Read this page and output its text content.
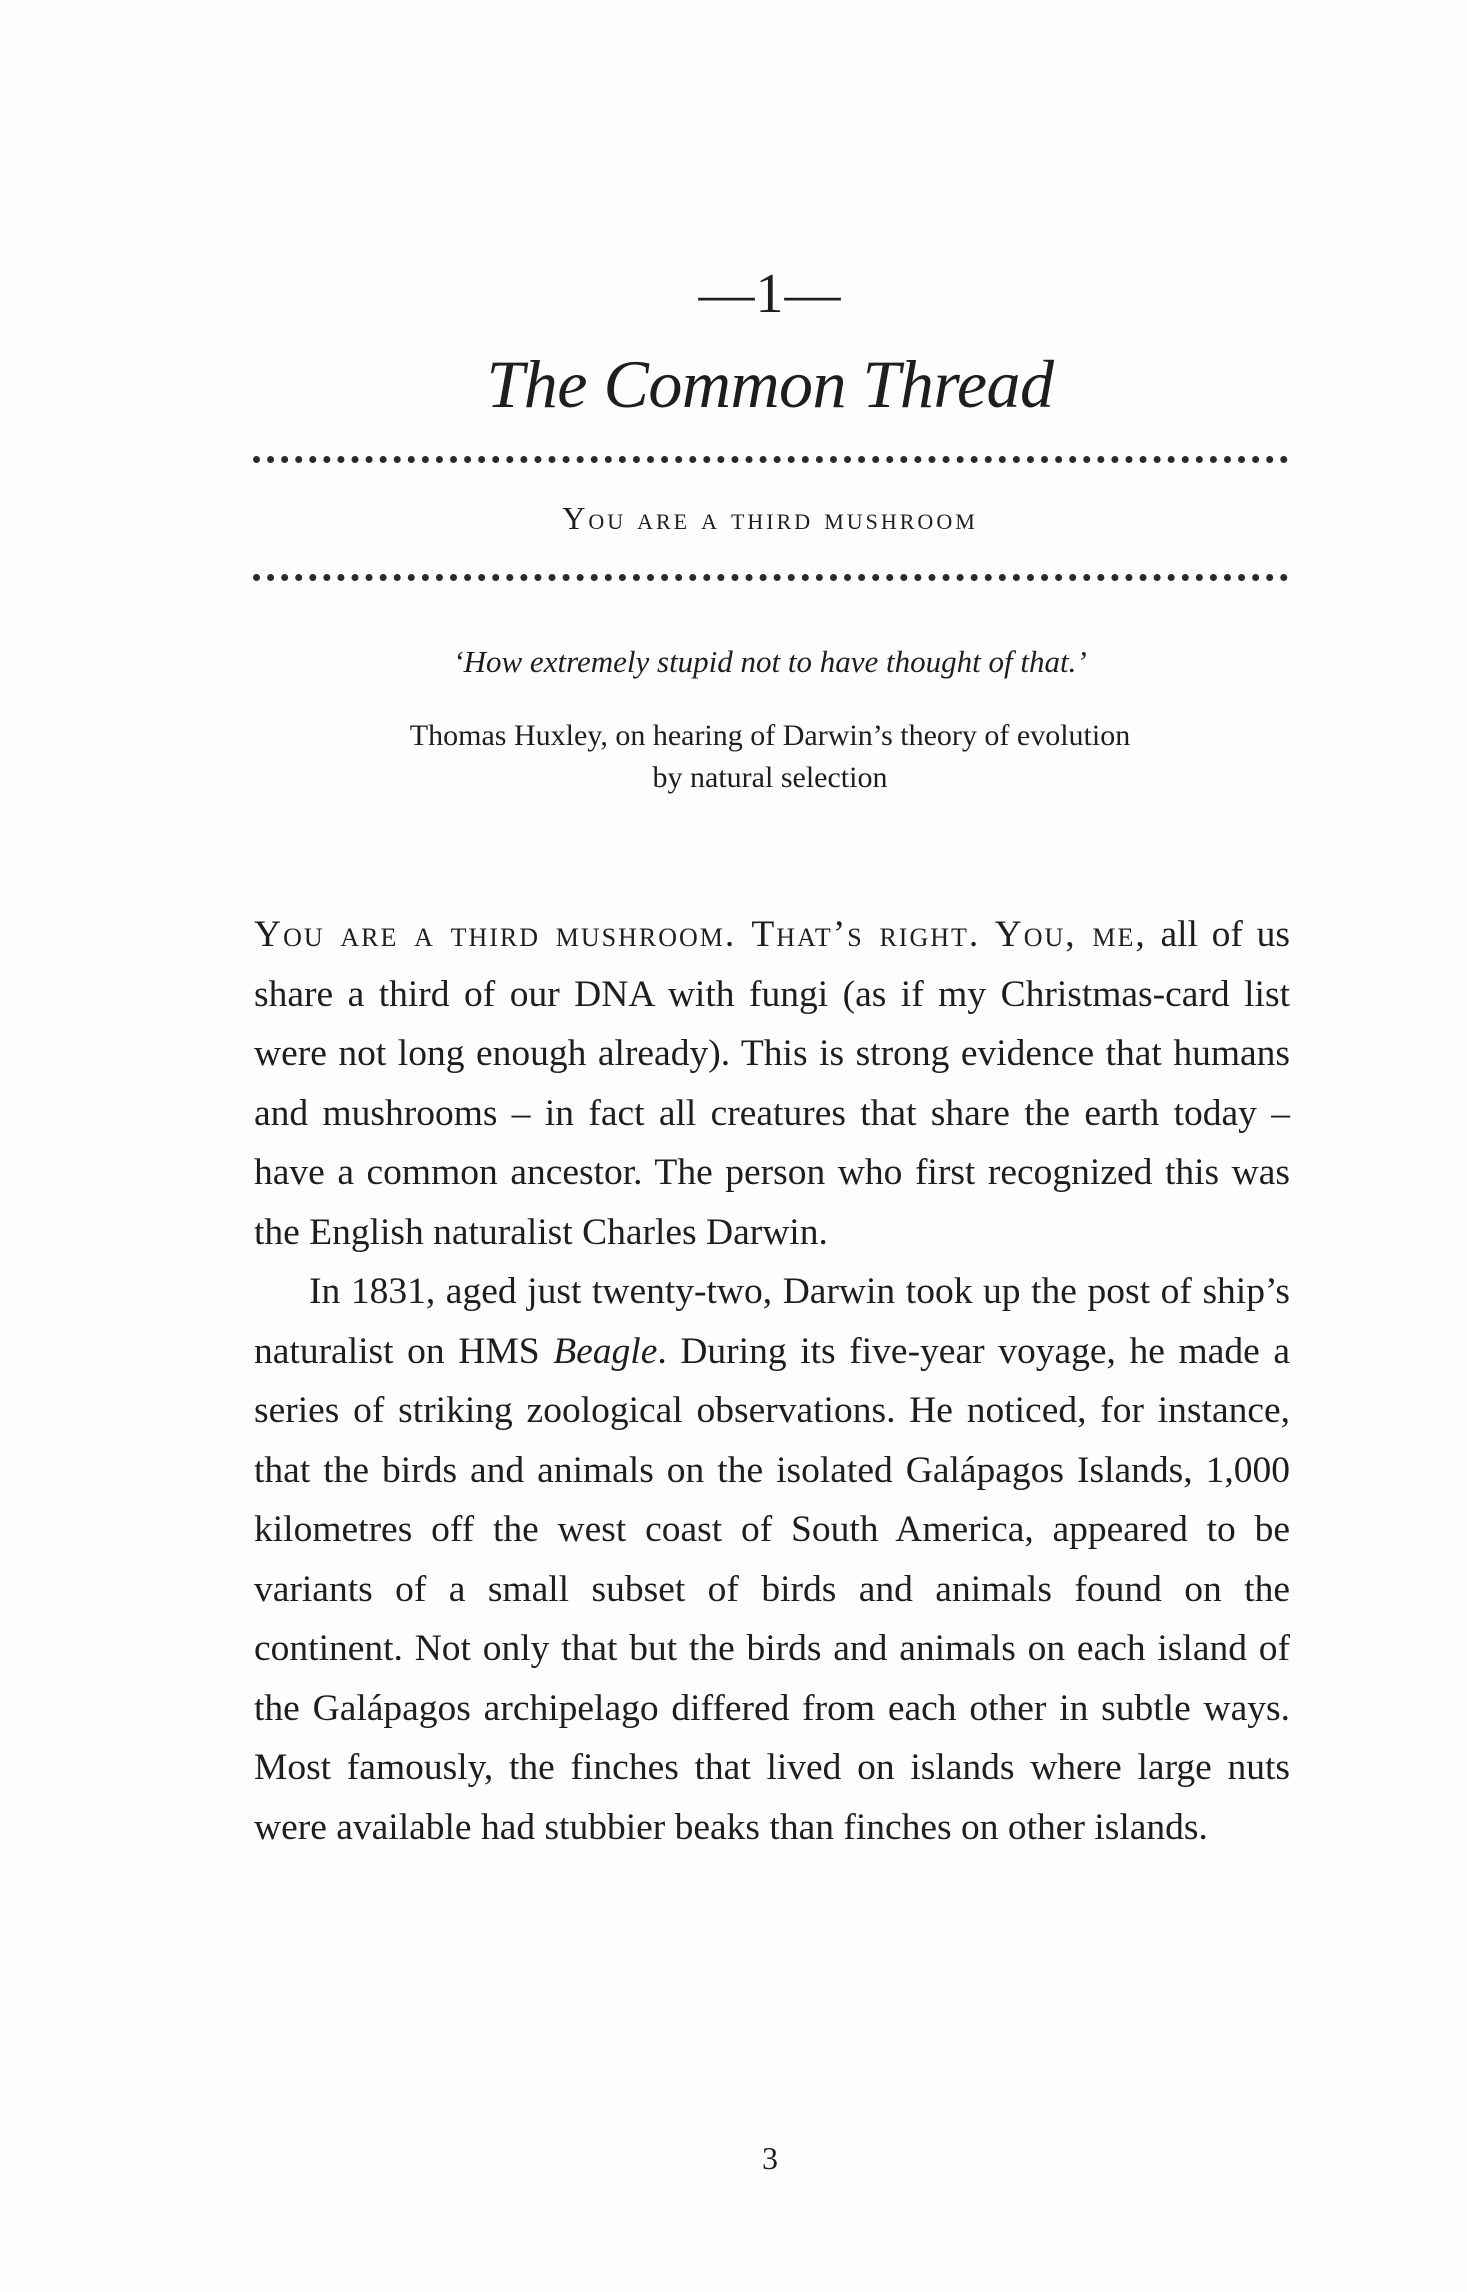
—1—
The Common Thread
You are a third mushroom
‘How extremely stupid not to have thought of that.’
Thomas Huxley, on hearing of Darwin’s theory of evolution by natural selection

You are a third mushroom. That’s right. You, me, all of us share a third of our DNA with fungi (as if my Christmas-card list were not long enough already). This is strong evidence that humans and mushrooms – in fact all creatures that share the earth today – have a common ancestor. The person who first recognized this was the English naturalist Charles Darwin.

In 1831, aged just twenty-two, Darwin took up the post of ship’s naturalist on HMS Beagle. During its five-year voyage, he made a series of striking zoological observations. He noticed, for instance, that the birds and animals on the isolated Galápagos Islands, 1,000 kilometres off the west coast of South America, appeared to be variants of a small subset of birds and animals found on the continent. Not only that but the birds and animals on each island of the Galápagos archipelago differed from each other in subtle ways. Most famously, the finches that lived on islands where large nuts were available had stubbier beaks than finches on other islands.

3
